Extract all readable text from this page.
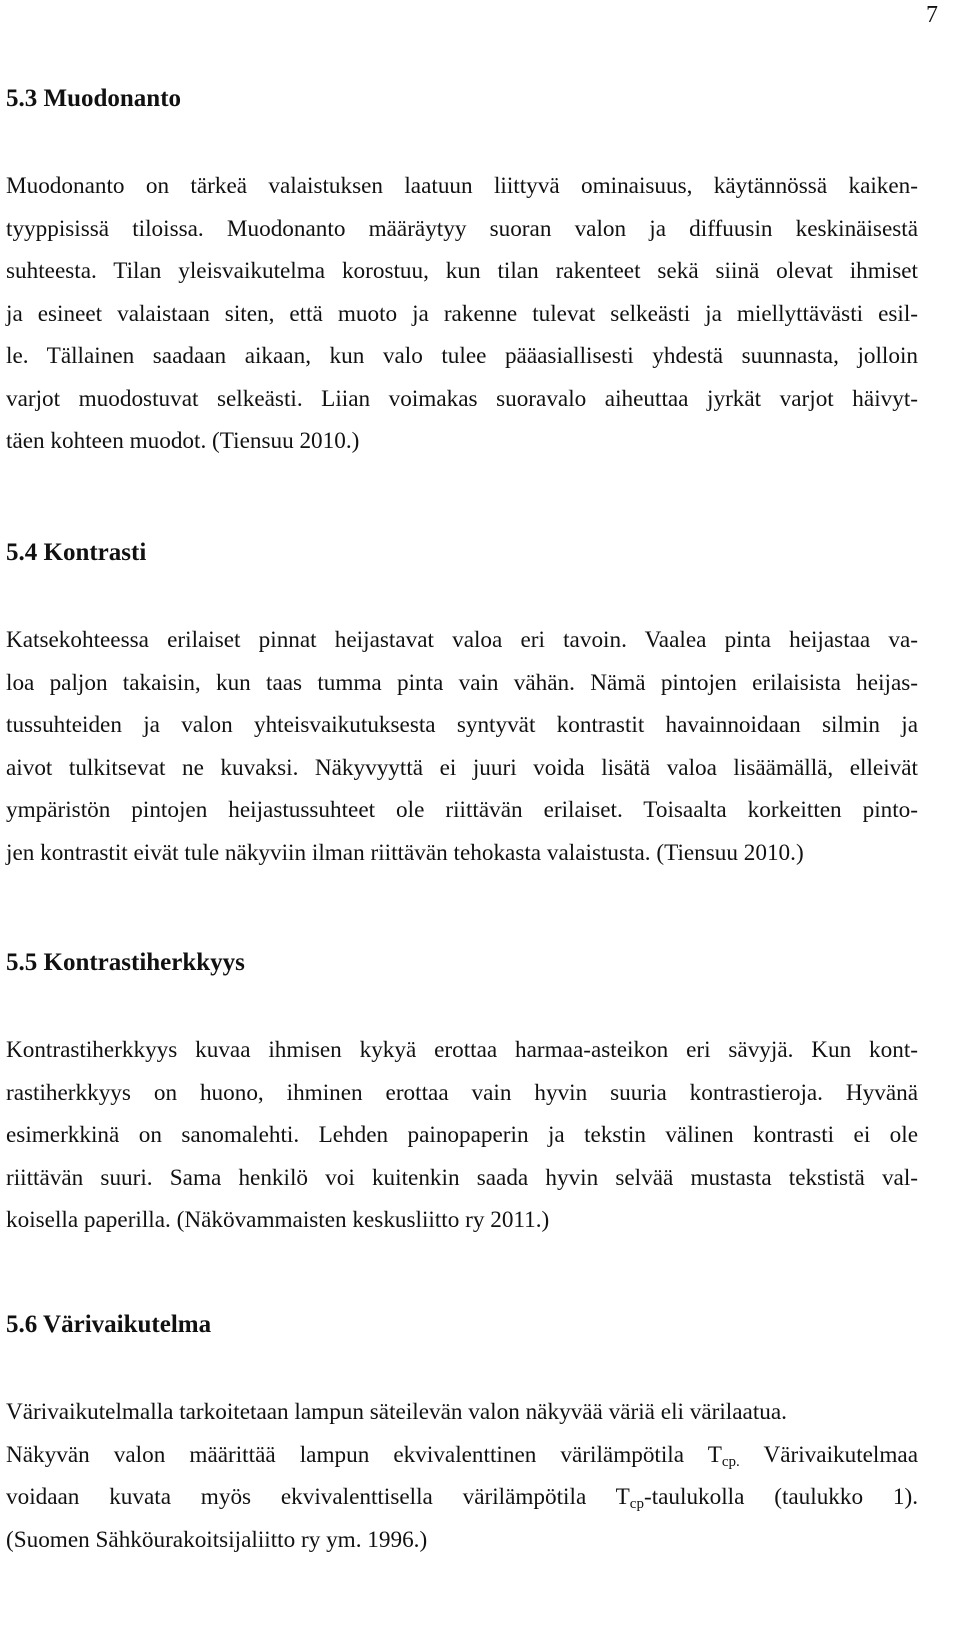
7
5.3 Muodonanto

Muodonanto on tärkeä valaistuksen laatuun liittyvä ominaisuus, käytännössä kaiken-
tyyppisissä tiloissa. Muodonanto määräytyy suoran valon ja diffuusin keskinäisestä
suhteesta. Tilan yleisvaikutelma korostuu, kun tilan rakenteet sekä siinä olevat ihmiset
ja esineet valaistaan siten, että muoto ja rakenne tulevat selkeästi ja miellyttävästi esil-
le. Tällainen saadaan aikaan, kun valo tulee pääasiallisesti yhdestä suunnasta, jolloin
varjot muodostuvat selkeästi. Liian voimakas suoravalo aiheuttaa jyrkät varjot häivyt-
täen kohteen muodot. (Tiensuu 2010.)

5.4 Kontrasti

Katsekohteessa erilaiset pinnat heijastavat valoa eri tavoin. Vaalea pinta heijastaa va-
loa paljon takaisin, kun taas tumma pinta vain vähän. Nämä pintojen erilaisista heijas-
tussuhteiden ja valon yhteisvaikutuksesta syntyvät kontrastit havainnoidaan silmin ja
aivot tulkitsevat ne kuvaksi. Näkyvyyttä ei juuri voida lisätä valoa lisäämällä, elleivät
ympäristön pintojen heijastussuhteet ole riittävän erilaiset. Toisaalta korkeitten pinto-
jen kontrastit eivät tule näkyviin ilman riittävän tehokasta valaistusta. (Tiensuu 2010.)

5.5 Kontrastiherkkyys

Kontrastiherkkyys kuvaa ihmisen kykyä erottaa harmaa-asteikon eri sävyjä. Kun kont-
rastiherkkyys on huono, ihminen erottaa vain hyvin suuria kontrastieroja. Hyvänä
esimerkkinä on sanomalehti. Lehden painopaperin ja tekstin välinen kontrasti ei ole
riittävän suuri. Sama henkilö voi kuitenkin saada hyvin selvää mustasta tekstistä val-
koisella paperilla. (Näkövammaisten keskusliitto ry 2011.)

5.6 Värivaikutelma

Värivaikutelmalla tarkoitetaan lampun säteilevän valon näkyvää väriä eli värilaatua.
Näkyvän valon määrittää lampun ekvivalenttinen värilämpötila $T_{cp.}$ Värivaikutelmaa
voidaan kuvata myös ekvivalenttisella värilämpötila $T_{cp}$-taulukolla (taulukko 1).
(Suomen Sähköurakoitsijaliitto ry ym. 1996.)
